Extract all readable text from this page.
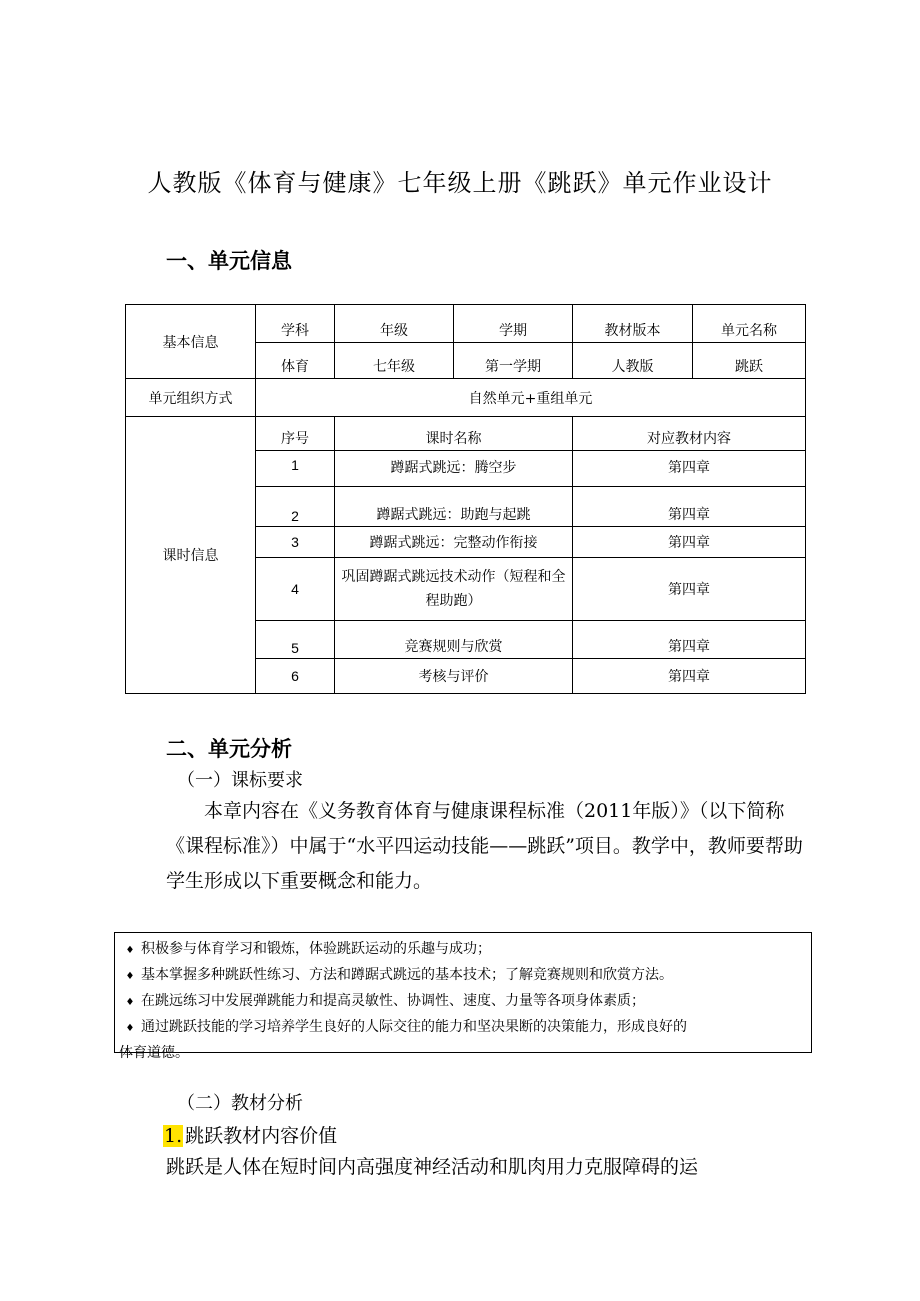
人教版《体育与健康》七年级上册《跳跃》单元作业设计
一、单元信息
基本信息	学科	年级	学期	教材版本	单元名称
	体育	七年级	第一学期	人教版	跳跃
单元组织方式	自然单元+重组单元				
课时信息	序号	课时名称		对应教材内容	
	1	蹲踞式跳远：腾空步		第四章	
	2	蹲踞式跳远：助跑与起跳		第四章	
	3	蹲踞式跳远：完整动作衔接		第四章	
	4	巩固蹲踞式跳远技术动作（短程和全程助跑）		第四章	
	5	竞赛规则与欣赏		第四章	
	6	考核与评价		第四章	
二、单元分析
（一）课标要求
本章内容在《义务教育体育与健康课程标准（2011年版）》（以下简称《课程标准》）中属于“水平四运动技能——跳跃”项目。教学中，教师要帮助学生形成以下重要概念和能力。
♦ 积极参与体育学习和锻炼，体验跳跃运动的乐趣与成功；
♦ 基本掌握多种跳跃性练习、方法和蹲踞式跳远的基本技术；了解竞赛规则和欣赏方法。
♦ 在跳远练习中发展弹跳能力和提高灵敏性、协调性、速度、力量等各项身体素质；
♦ 通过跳跃技能的学习培养学生良好的人际交往的能力和坚决果断的决策能力，形成良好的
体育道德。
（二）教材分析
1. 跳跃教材内容价值
跳跃是人体在短时间内高强度神经活动和肌肉用力克服障碍的运
